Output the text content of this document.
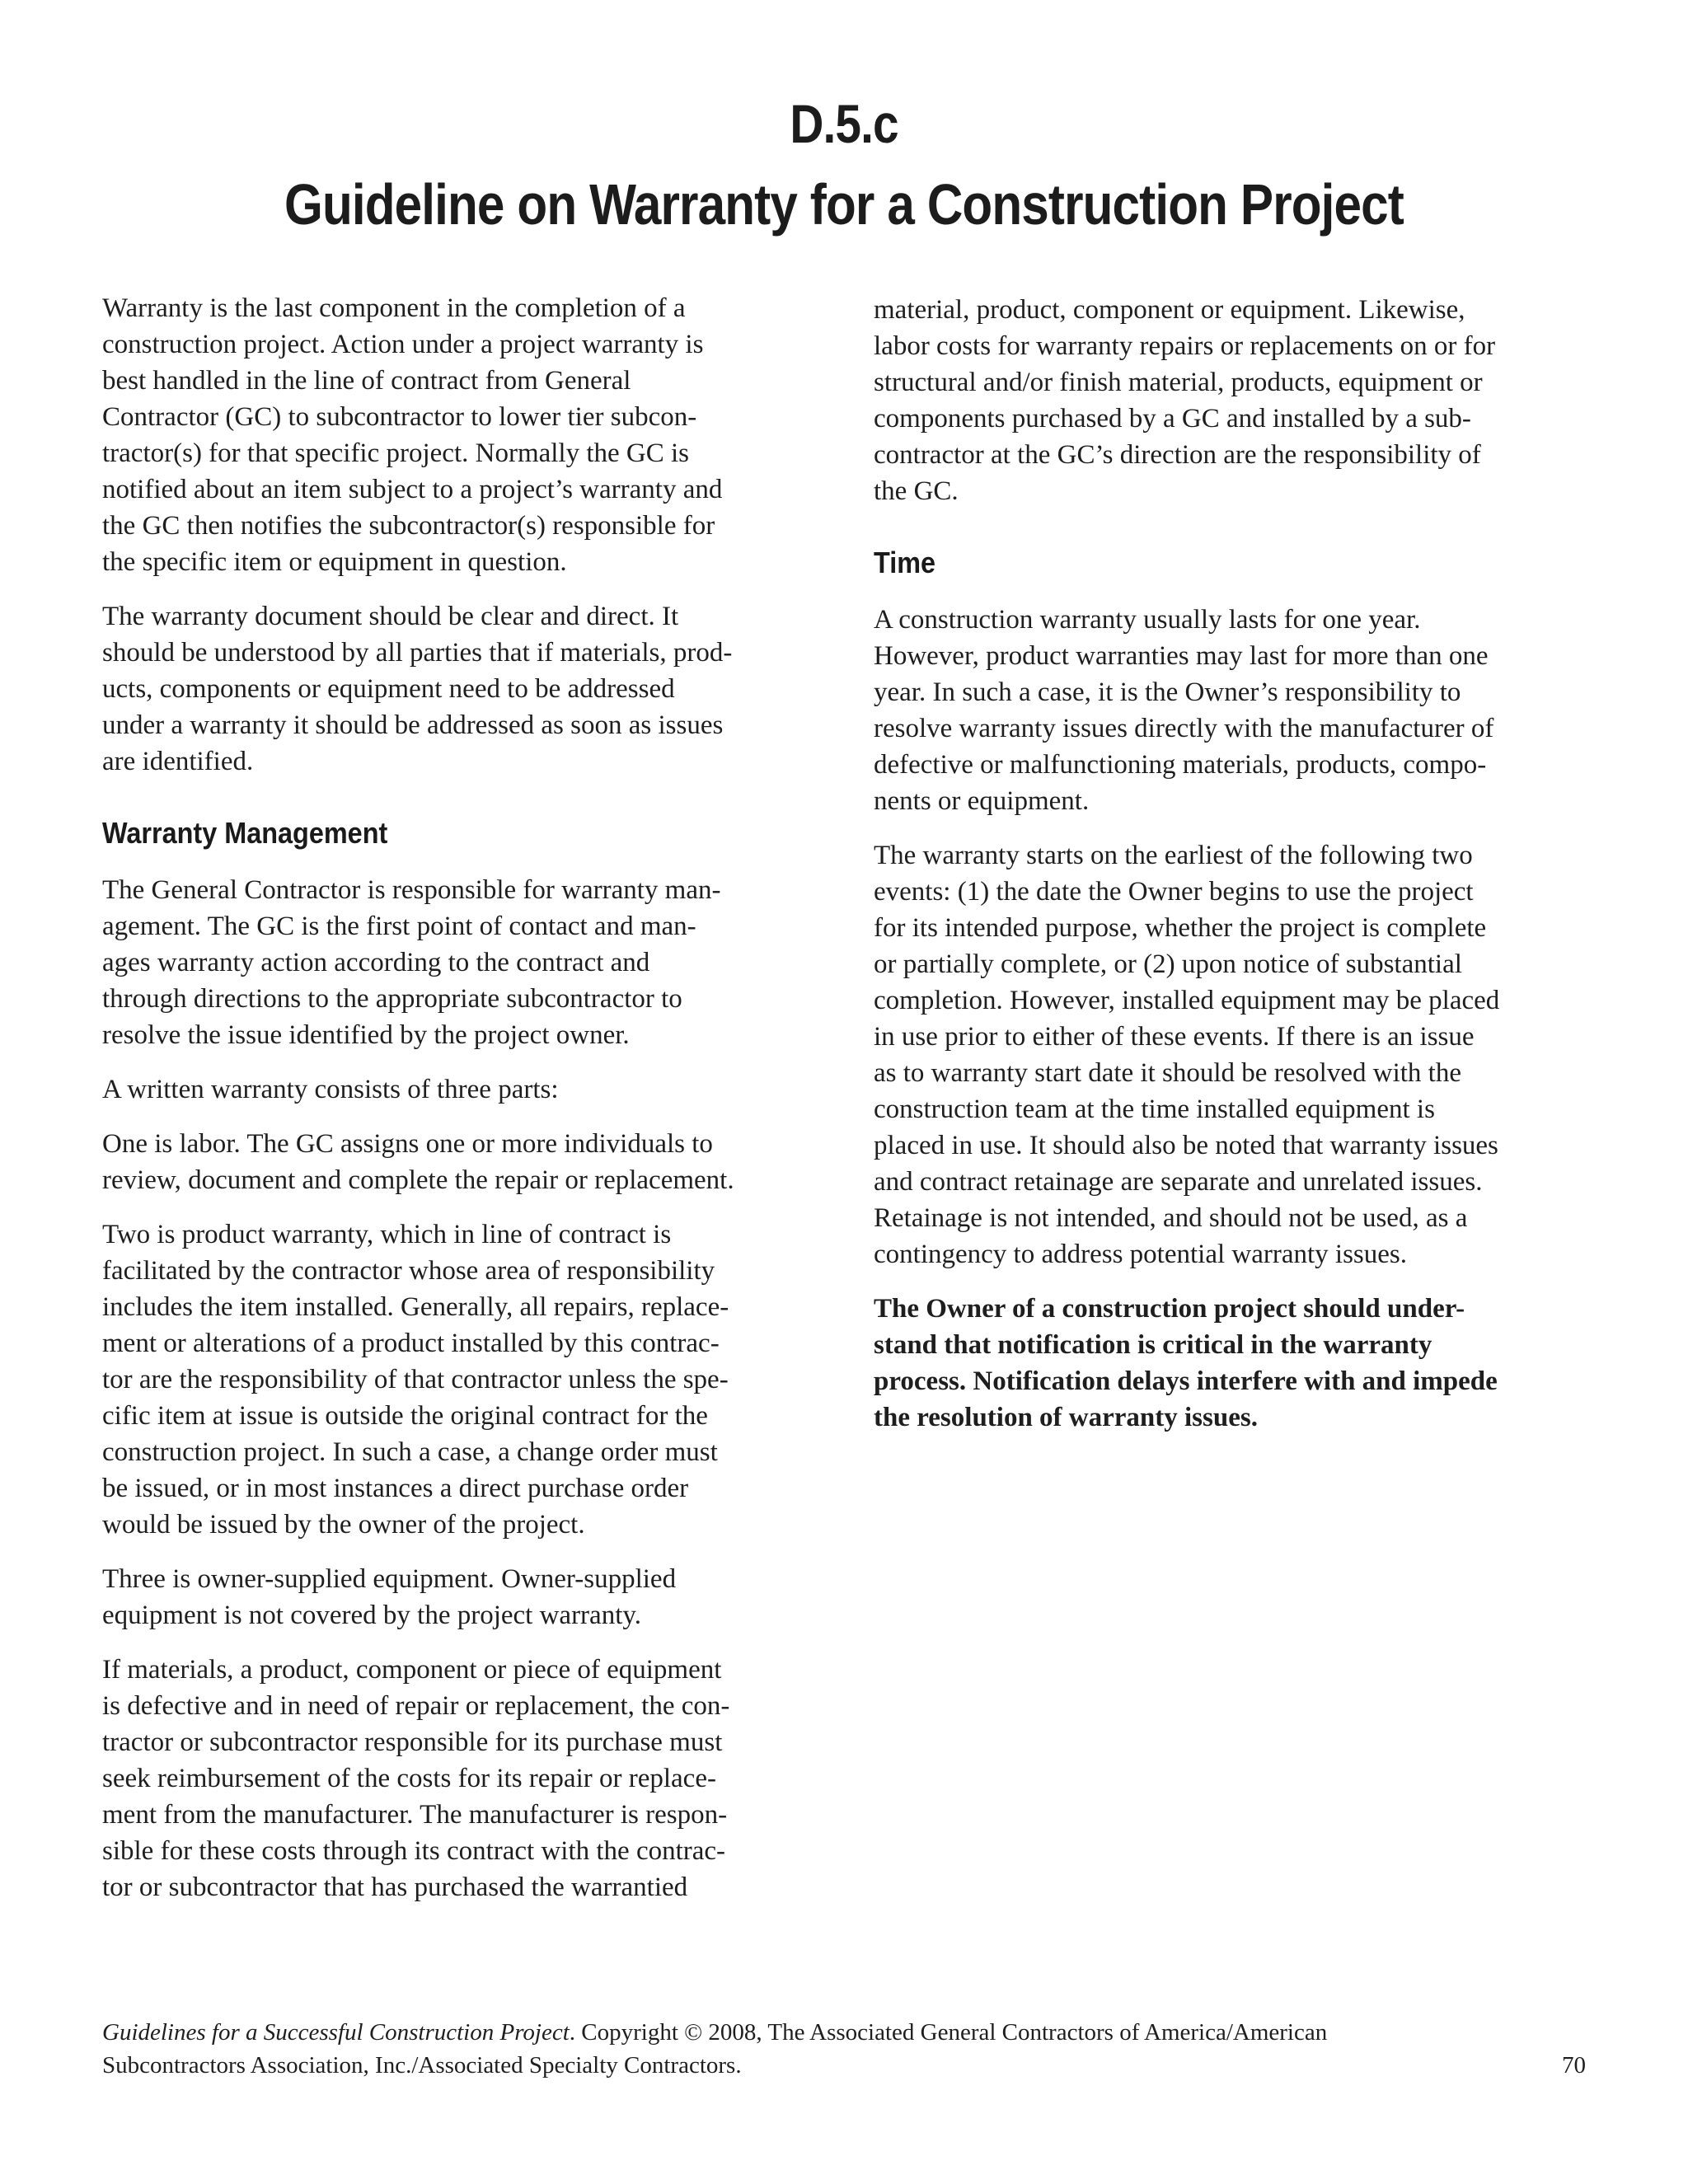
D.5.c
Guideline on Warranty for a Construction Project

Warranty is the last component in the completion of a
construction project. Action under a project warranty is
best handled in the line of contract from General
Contractor (GC) to subcontractor to lower tier subcon-
tractor(s) for that specific project. Normally the GC is
notified about an item subject to a project’s warranty and
the GC then notifies the subcontractor(s) responsible for
the specific item or equipment in question.

The warranty document should be clear and direct. It
should be understood by all parties that if materials, prod-
ucts, components or equipment need to be addressed
under a warranty it should be addressed as soon as issues
are identified.

Warranty Management

The General Contractor is responsible for warranty man-
agement. The GC is the first point of contact and man-
ages warranty action according to the contract and
through directions to the appropriate subcontractor to
resolve the issue identified by the project owner.

A written warranty consists of three parts:

One is labor. The GC assigns one or more individuals to
review, document and complete the repair or replacement.

Two is product warranty, which in line of contract is
facilitated by the contractor whose area of responsibility
includes the item installed. Generally, all repairs, replace-
ment or alterations of a product installed by this contrac-
tor are the responsibility of that contractor unless the spe-
cific item at issue is outside the original contract for the
construction project. In such a case, a change order must
be issued, or in most instances a direct purchase order
would be issued by the owner of the project.

Three is owner-supplied equipment. Owner-supplied
equipment is not covered by the project warranty.

If materials, a product, component or piece of equipment
is defective and in need of repair or replacement, the con-
tractor or subcontractor responsible for its purchase must
seek reimbursement of the costs for its repair or replace-
ment from the manufacturer. The manufacturer is respon-
sible for these costs through its contract with the contrac-
tor or subcontractor that has purchased the warrantied

material, product, component or equipment. Likewise,
labor costs for warranty repairs or replacements on or for
structural and/or finish material, products, equipment or
components purchased by a GC and installed by a sub-
contractor at the GC’s direction are the responsibility of
the GC.

Time

A construction warranty usually lasts for one year.
However, product warranties may last for more than one
year. In such a case, it is the Owner’s responsibility to
resolve warranty issues directly with the manufacturer of
defective or malfunctioning materials, products, compo-
nents or equipment.

The warranty starts on the earliest of the following two
events: (1) the date the Owner begins to use the project
for its intended purpose, whether the project is complete
or partially complete, or (2) upon notice of substantial
completion. However, installed equipment may be placed
in use prior to either of these events. If there is an issue
as to warranty start date it should be resolved with the
construction team at the time installed equipment is
placed in use. It should also be noted that warranty issues
and contract retainage are separate and unrelated issues.
Retainage is not intended, and should not be used, as a
contingency to address potential warranty issues.

The Owner of a construction project should under-
stand that notification is critical in the warranty
process. Notification delays interfere with and impede
the resolution of warranty issues.

Guidelines for a Successful Construction Project. Copyright © 2008, The Associated General Contractors of America/American
Subcontractors Association, Inc./Associated Specialty Contractors.	70
